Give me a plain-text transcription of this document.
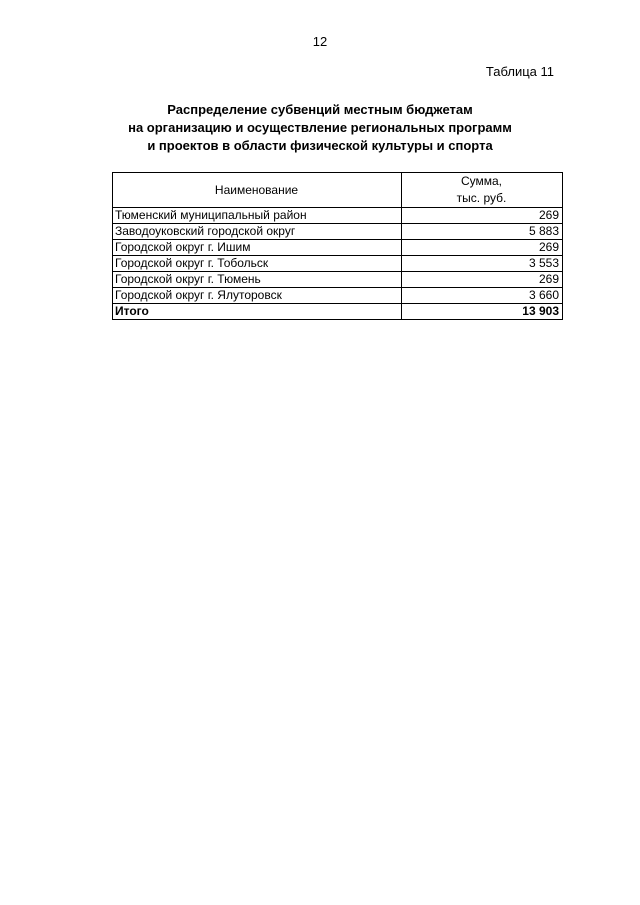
12
Таблица 11
Распределение субвенций местным бюджетам
на организацию и осуществление региональных программ
и проектов в области физической культуры и спорта
Наименование	Сумма,
тыс. руб.

Тюменский муниципальный район	269
Заводоуковский городской округ	5 883
Городской округ г. Ишим	269
Городской округ г. Тобольск	3 553
Городской округ г. Тюмень	269
Городской округ г. Ялуторовск	3 660
Итого	13 903
